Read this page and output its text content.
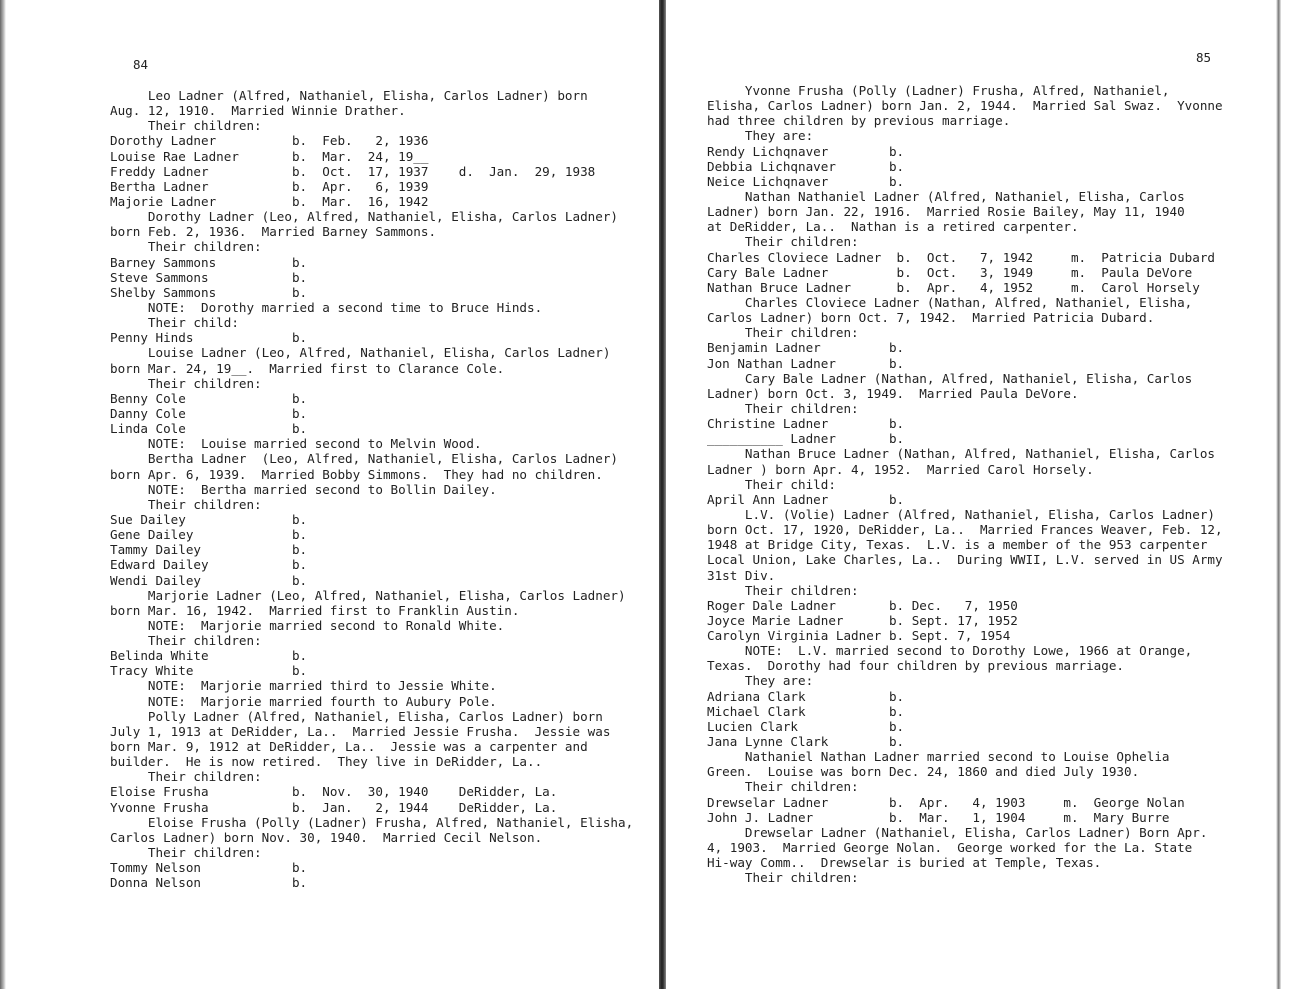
84
Leo Ladner (Alfred, Nathaniel, Elisha, Carlos Ladner) born
Aug. 12, 1910.  Married Winnie Drather.
Their children:
Dorothy Ladner          b.  Feb.   2, 1936
Louise Rae Ladner       b.  Mar.  24, 19__
Freddy Ladner           b.  Oct.  17, 1937    d.  Jan.  29, 1938
Bertha Ladner           b.  Apr.   6, 1939
Majorie Ladner          b.  Mar.  16, 1942
Dorothy Ladner (Leo, Alfred, Nathaniel, Elisha, Carlos Ladner)
born Feb. 2, 1936.  Married Barney Sammons.
Their children:
Barney Sammons          b.
Steve Sammons           b.
Shelby Sammons          b.
NOTE:  Dorothy married a second time to Bruce Hinds.
Their child:
Penny Hinds             b.
Louise Ladner (Leo, Alfred, Nathaniel, Elisha, Carlos Ladner)
born Mar. 24, 19__.  Married first to Clarance Cole.
Their children:
Benny Cole              b.
Danny Cole              b.
Linda Cole              b.
NOTE:  Louise married second to Melvin Wood.
Bertha Ladner  (Leo, Alfred, Nathaniel, Elisha, Carlos Ladner)
born Apr. 6, 1939.  Married Bobby Simmons.  They had no children.
NOTE:  Bertha married second to Bollin Dailey.
Their children:
Sue Dailey              b.
Gene Dailey             b.
Tammy Dailey            b.
Edward Dailey           b.
Wendi Dailey            b.
Marjorie Ladner (Leo, Alfred, Nathaniel, Elisha, Carlos Ladner)
born Mar. 16, 1942.  Married first to Franklin Austin.
NOTE:  Marjorie married second to Ronald White.
Their children:
Belinda White           b.
Tracy White             b.
NOTE:  Marjorie married third to Jessie White.
NOTE:  Marjorie married fourth to Aubury Pole.
Polly Ladner (Alfred, Nathaniel, Elisha, Carlos Ladner) born
July 1, 1913 at DeRidder, La..  Married Jessie Frusha.  Jessie was
born Mar. 9, 1912 at DeRidder, La..  Jessie was a carpenter and
builder.  He is now retired.  They live in DeRidder, La..
Their children:
Eloise Frusha           b.  Nov.  30, 1940    DeRidder, La.
Yvonne Frusha           b.  Jan.   2, 1944    DeRidder, La.
Eloise Frusha (Polly (Ladner) Frusha, Alfred, Nathaniel, Elisha,
Carlos Ladner) born Nov. 30, 1940.  Married Cecil Nelson.
Their children:
Tommy Nelson            b.
Donna Nelson            b.
85
Yvonne Frusha (Polly (Ladner) Frusha, Alfred, Nathaniel,
Elisha, Carlos Ladner) born Jan. 2, 1944.  Married Sal Swaz.  Yvonne
had three children by previous marriage.
They are:
Rendy Lichqnaver        b.
Debbia Lichqnaver       b.
Neice Lichqnaver        b.
Nathan Nathaniel Ladner (Alfred, Nathaniel, Elisha, Carlos
Ladner) born Jan. 22, 1916.  Married Rosie Bailey, May 11, 1940
at DeRidder, La..  Nathan is a retired carpenter.
Their children:
Charles Cloviece Ladner  b.  Oct.   7, 1942     m.  Patricia Dubard
Cary Bale Ladner         b.  Oct.   3, 1949     m.  Paula DeVore
Nathan Bruce Ladner      b.  Apr.   4, 1952     m.  Carol Horsely
Charles Cloviece Ladner (Nathan, Alfred, Nathaniel, Elisha,
Carlos Ladner) born Oct. 7, 1942.  Married Patricia Dubard.
Their children:
Benjamin Ladner         b.
Jon Nathan Ladner       b.
Cary Bale Ladner (Nathan, Alfred, Nathaniel, Elisha, Carlos
Ladner) born Oct. 3, 1949.  Married Paula DeVore.
Their children:
Christine Ladner        b.
__________ Ladner       b.
Nathan Bruce Ladner (Nathan, Alfred, Nathaniel, Elisha, Carlos
Ladner ) born Apr. 4, 1952.  Married Carol Horsely.
Their child:
April Ann Ladner        b.
L.V. (Volie) Ladner (Alfred, Nathaniel, Elisha, Carlos Ladner)
born Oct. 17, 1920, DeRidder, La..  Married Frances Weaver, Feb. 12,
1948 at Bridge City, Texas.  L.V. is a member of the 953 carpenter
Local Union, Lake Charles, La..  During WWII, L.V. served in US Army
31st Div.
Their children:
Roger Dale Ladner       b. Dec.   7, 1950
Joyce Marie Ladner      b. Sept. 17, 1952
Carolyn Virginia Ladner b. Sept. 7, 1954
NOTE:  L.V. married second to Dorothy Lowe, 1966 at Orange,
Texas.  Dorothy had four children by previous marriage.
They are:
Adriana Clark           b.
Michael Clark           b.
Lucien Clark            b.
Jana Lynne Clark        b.
Nathaniel Nathan Ladner married second to Louise Ophelia
Green.  Louise was born Dec. 24, 1860 and died July 1930.
Their children:
Drewselar Ladner        b.  Apr.   4, 1903     m.  George Nolan
John J. Ladner          b.  Mar.   1, 1904     m.  Mary Burre
Drewselar Ladner (Nathaniel, Elisha, Carlos Ladner) Born Apr.
4, 1903.  Married George Nolan.  George worked for the La. State
Hi-way Comm..  Drewselar is buried at Temple, Texas.
Their children:
